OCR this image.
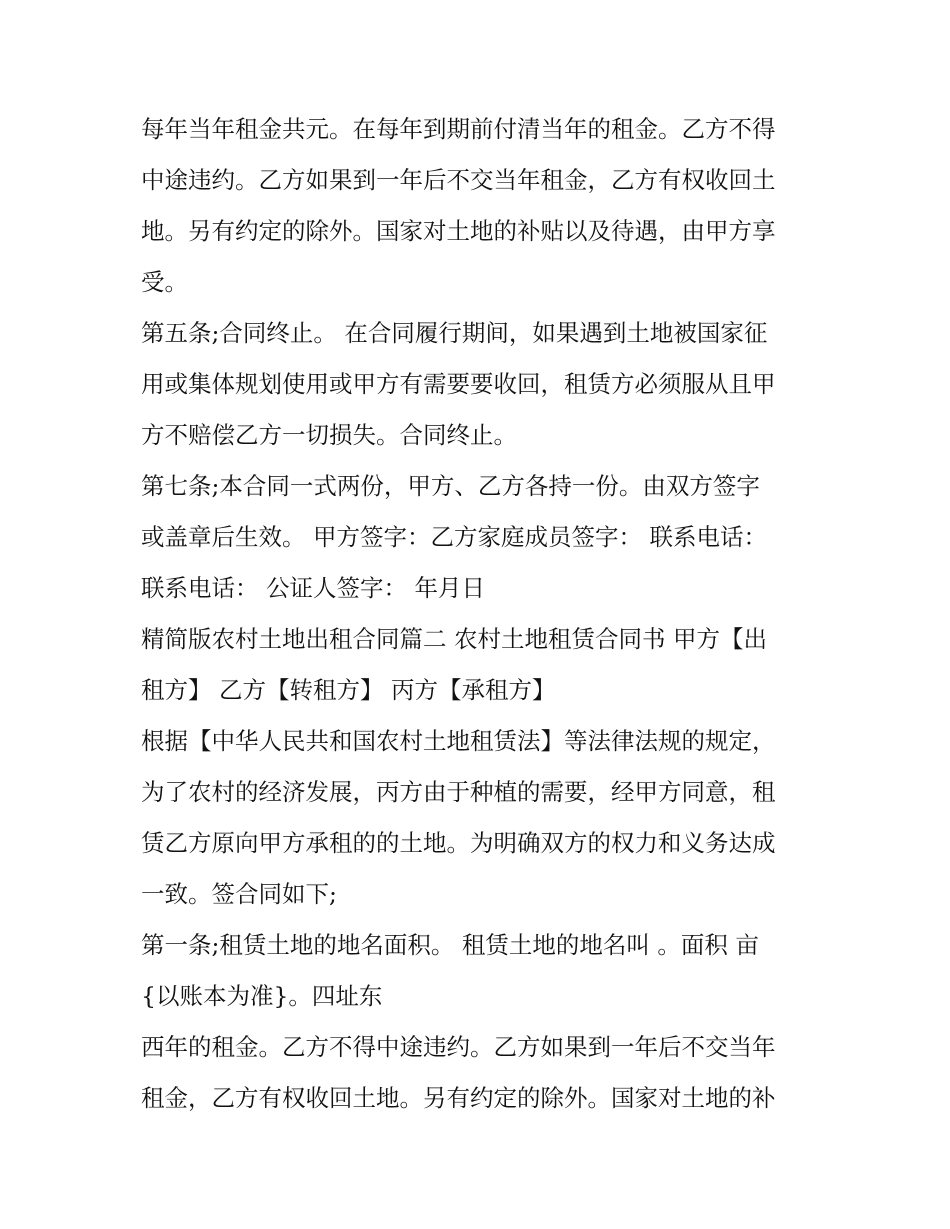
每年当年租金共元。在每年到期前付清当年的租金。乙方不得
中途违约。乙方如果到一年后不交当年租金，乙方有权收回土
地。另有约定的除外。国家对土地的补贴以及待遇，由甲方享
受。
第五条;合同终止。 在合同履行期间，如果遇到土地被国家征
用或集体规划使用或甲方有需要要收回，租赁方必须服从且甲
方不赔偿乙方一切损失。合同终止。
第七条;本合同一式两份，甲方、乙方各持一份。由双方签字
或盖章后生效。 甲方签字：乙方家庭成员签字： 联系电话：
联系电话： 公证人签字： 年月日
精简版农村土地出租合同篇二 农村土地租赁合同书 甲方【出
租方】 乙方【转租方】 丙方【承租方】
根据【中华人民共和国农村土地租赁法】等法律法规的规定，
为了农村的经济发展，丙方由于种植的需要，经甲方同意，租
赁乙方原向甲方承租的的土地。为明确双方的权力和义务达成
一致。签合同如下;
第一条;租赁土地的地名面积。 租赁土地的地名叫 。面积 亩
{以账本为准}。四址东
西年的租金。乙方不得中途违约。乙方如果到一年后不交当年
租金，乙方有权收回土地。另有约定的除外。国家对土地的补
